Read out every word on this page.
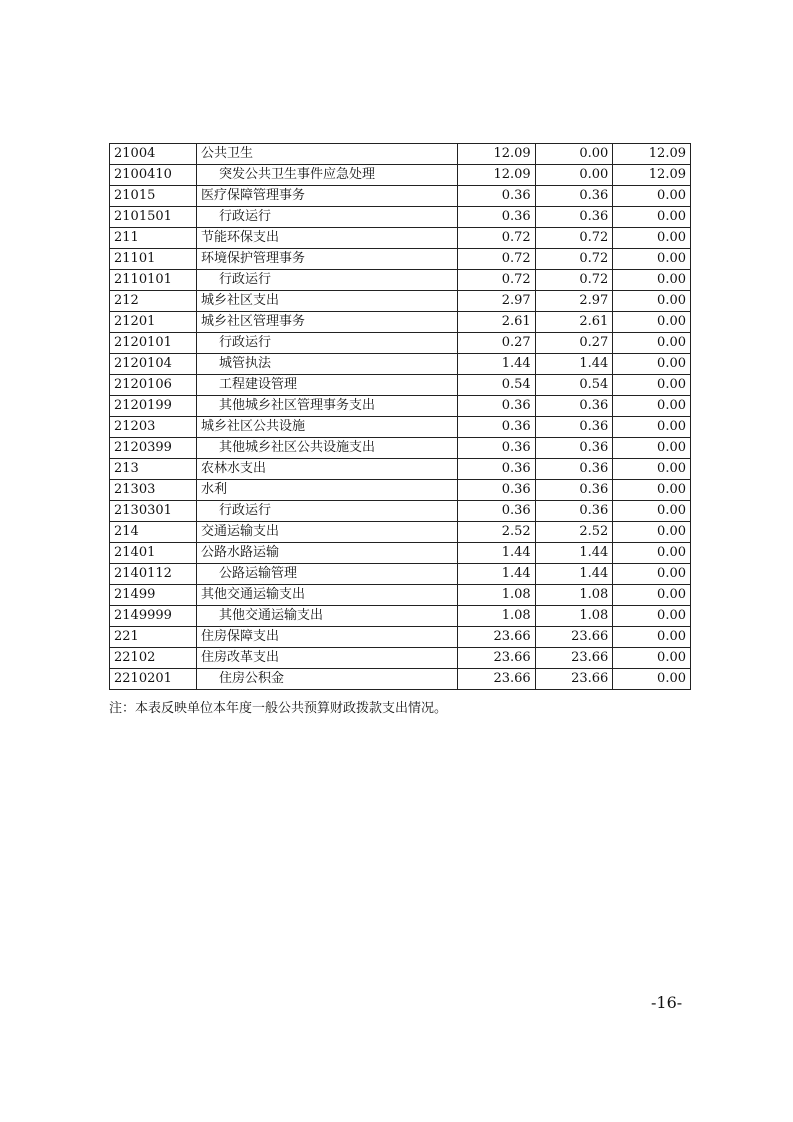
21004	公共卫生	12.09	0.00	12.09
2100410	突发公共卫生事件应急处理	12.09	0.00	12.09
21015	医疗保障管理事务	0.36	0.36	0.00
2101501	行政运行	0.36	0.36	0.00
211	节能环保支出	0.72	0.72	0.00
21101	环境保护管理事务	0.72	0.72	0.00
2110101	行政运行	0.72	0.72	0.00
212	城乡社区支出	2.97	2.97	0.00
21201	城乡社区管理事务	2.61	2.61	0.00
2120101	行政运行	0.27	0.27	0.00
2120104	城管执法	1.44	1.44	0.00
2120106	工程建设管理	0.54	0.54	0.00
2120199	其他城乡社区管理事务支出	0.36	0.36	0.00
21203	城乡社区公共设施	0.36	0.36	0.00
2120399	其他城乡社区公共设施支出	0.36	0.36	0.00
213	农林水支出	0.36	0.36	0.00
21303	水利	0.36	0.36	0.00
2130301	行政运行	0.36	0.36	0.00
214	交通运输支出	2.52	2.52	0.00
21401	公路水路运输	1.44	1.44	0.00
2140112	公路运输管理	1.44	1.44	0.00
21499	其他交通运输支出	1.08	1.08	0.00
2149999	其他交通运输支出	1.08	1.08	0.00
221	住房保障支出	23.66	23.66	0.00
22102	住房改革支出	23.66	23.66	0.00
2210201	住房公积金	23.66	23.66	0.00
注：本表反映单位本年度一般公共预算财政拨款支出情况。
-16-
